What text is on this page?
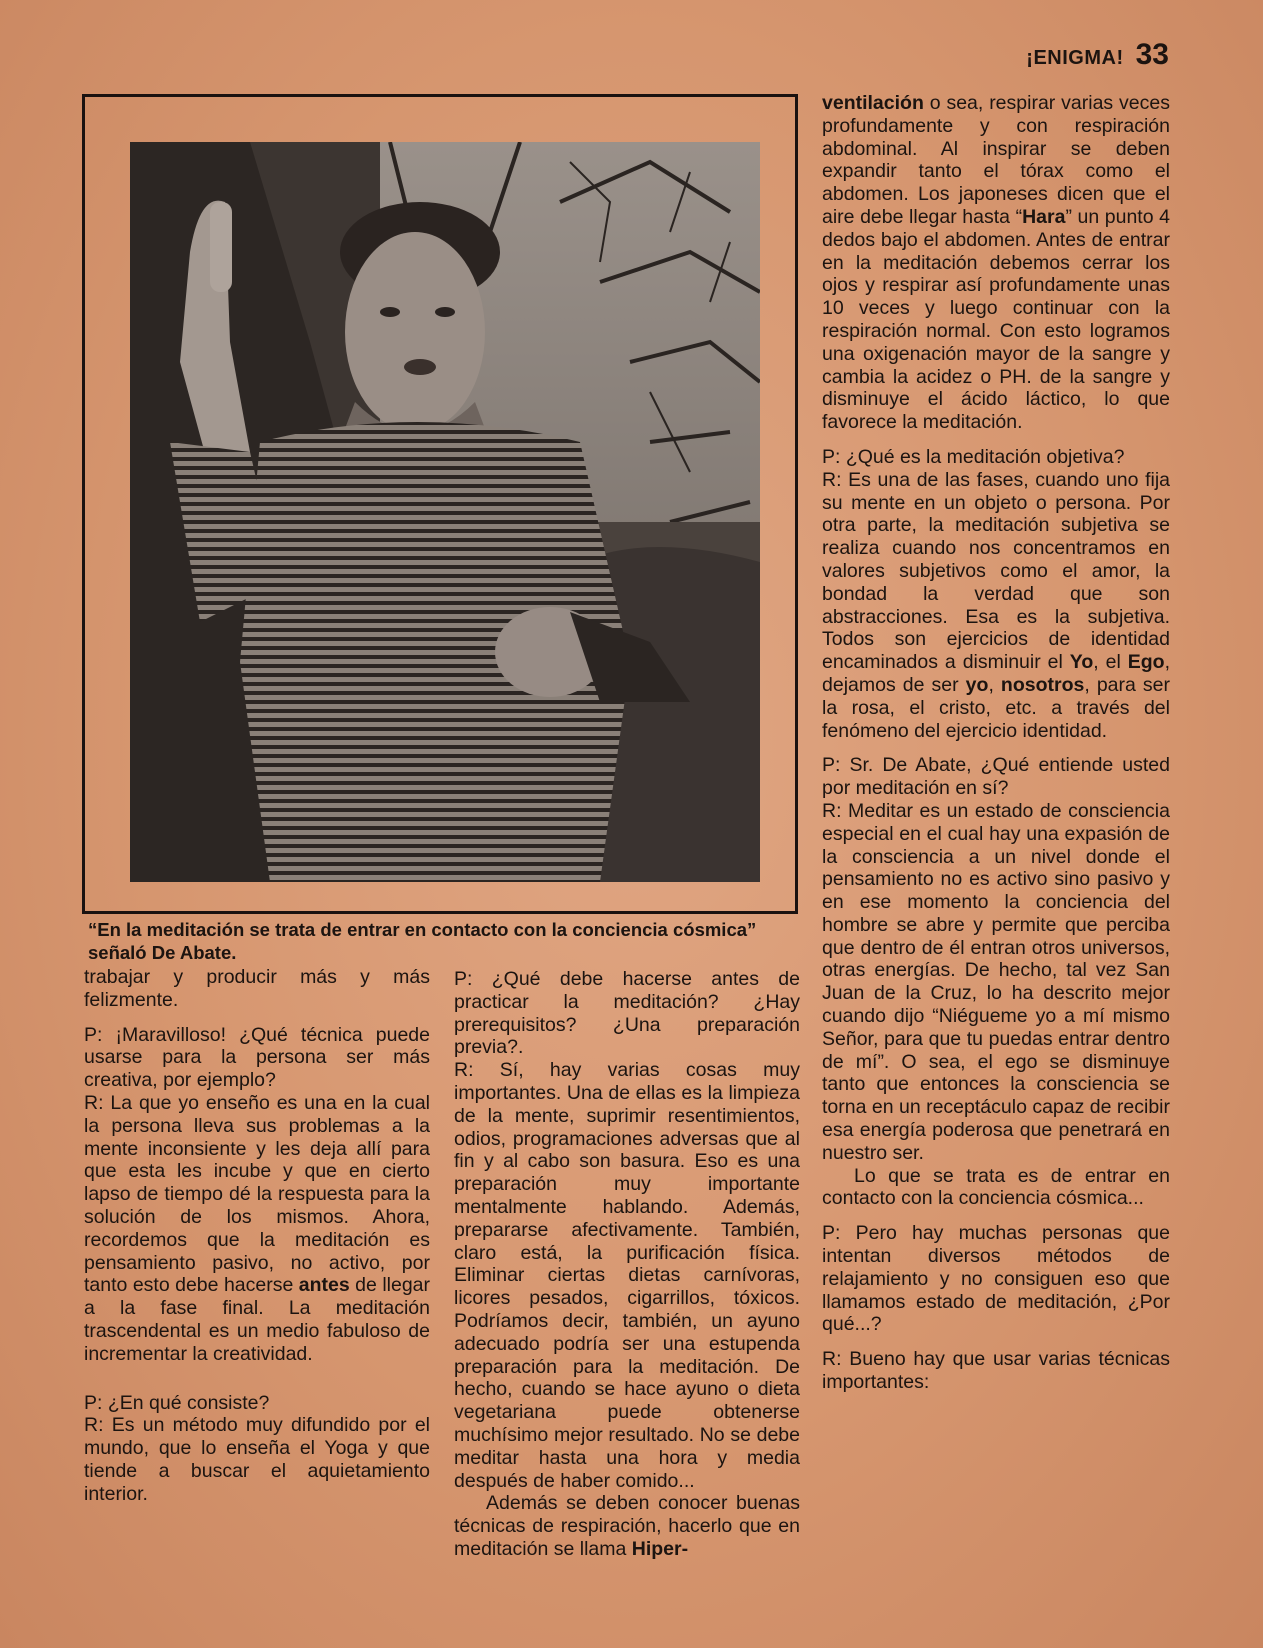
¡ENIGMA! 33
“En la meditación se trata de entrar en contacto con la conciencia cósmica” señaló De Abate.

trabajar y producir más y más felizmente.

P: ¡Maravilloso! ¿Qué técnica puede usarse para la persona ser más creativa, por ejemplo?

R: La que yo enseño es una en la cual la persona lleva sus problemas a la mente inconsiente y les deja allí para que esta les incube y que en cierto lapso de tiempo dé la respuesta para la solución de los mismos. Ahora, recordemos que la meditación es pensamiento pasivo, no activo, por tanto esto debe hacerse antes de llegar a la fase final. La meditación trascendental es un medio fabuloso de incrementar la creatividad.

P: ¿En qué consiste?

R: Es un método muy difundido por el mundo, que lo enseña el Yoga y que tiende a buscar el aquietamiento interior.

P: ¿Qué debe hacerse antes de practicar la meditación? ¿Hay prerequisitos? ¿Una preparación previa?.

R: Sí, hay varias cosas muy importantes. Una de ellas es la limpieza de la mente, suprimir resentimientos, odios, programaciones adversas que al fin y al cabo son basura. Eso es una preparación muy importante mentalmente hablando. Además, prepararse afectivamente. También, claro está, la purificación física. Eliminar ciertas dietas carnívoras, licores pesados, cigarrillos, tóxicos. Podríamos decir, también, un ayuno adecuado podría ser una estupenda preparación para la meditación. De hecho, cuando se hace ayuno o dieta vegetariana puede obtenerse muchísimo mejor resultado. No se debe meditar hasta una hora y media después de haber comido...

Además se deben conocer buenas técnicas de respiración, hacerlo que en meditación se llama Hiper-

ventilación o sea, respirar varias veces profundamente y con respiración abdominal. Al inspirar se deben expandir tanto el tórax como el abdomen. Los japoneses dicen que el aire debe llegar hasta “Hara” un punto 4 dedos bajo el abdomen. Antes de entrar en la meditación debemos cerrar los ojos y respirar así profundamente unas 10 veces y luego continuar con la respiración normal. Con esto logramos una oxigenación mayor de la sangre y cambia la acidez o PH. de la sangre y disminuye el ácido láctico, lo que favorece la meditación.

P: ¿Qué es la meditación objetiva?

R: Es una de las fases, cuando uno fija su mente en un objeto o persona. Por otra parte, la meditación subjetiva se realiza cuando nos concentramos en valores subjetivos como el amor, la bondad la verdad que son abstracciones. Esa es la subjetiva. Todos son ejercicios de identidad encaminados a disminuir el Yo, el Ego, dejamos de ser yo, nosotros, para ser la rosa, el cristo, etc. a través del fenómeno del ejercicio identidad.

P: Sr. De Abate, ¿Qué entiende usted por meditación en sí?

R: Meditar es un estado de consciencia especial en el cual hay una expasión de la consciencia a un nivel donde el pensamiento no es activo sino pasivo y en ese momento la conciencia del hombre se abre y permite que perciba que dentro de él entran otros universos, otras energías. De hecho, tal vez San Juan de la Cruz, lo ha descrito mejor cuando dijo “Niégueme yo a mí mismo Señor, para que tu puedas entrar dentro de mí”. O sea, el ego se disminuye tanto que entonces la consciencia se torna en un receptáculo capaz de recibir esa energía poderosa que penetrará en nuestro ser.

Lo que se trata es de entrar en contacto con la conciencia cósmica...

P: Pero hay muchas personas que intentan diversos métodos de relajamiento y no consiguen eso que llamamos estado de meditación, ¿Por qué...?

R: Bueno hay que usar varias técnicas importantes:
